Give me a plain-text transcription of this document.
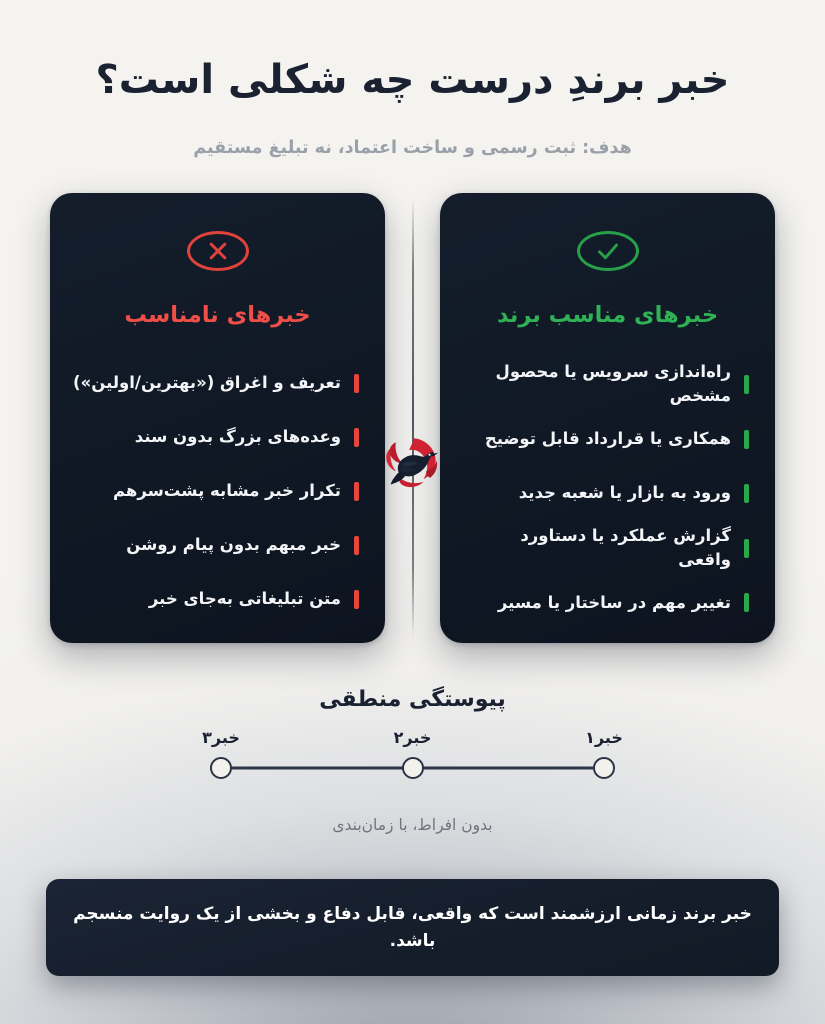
خبر برندِ درست چه شکلی است؟

هدف: ثبت رسمی و ساخت اعتماد، نه تبلیغ مستقیم

خبرهای مناسب برند
راه‌اندازی سرویس یا محصول مشخص
همکاری یا قرارداد قابل توضیح
ورود به بازار یا شعبه جدید
گزارش عملکرد یا دستاورد واقعی
تغییر مهم در ساختار یا مسیر
خبرهای نامناسب
تعریف و اغراق («بهترین/اولین»)
وعده‌های بزرگ بدون سند
تکرار خبر مشابه پشت‌سرهم
خبر مبهم بدون پیام روشن
متن تبلیغاتی به‌جای خبر
پیوستگی منطقی
خبر۳	خبر۲	خبر۱
بدون افراط، با زمان‌بندی
خبر برند زمانی ارزشمند است که واقعی، قابل دفاع و بخشی از یک روایت منسجم باشد.
